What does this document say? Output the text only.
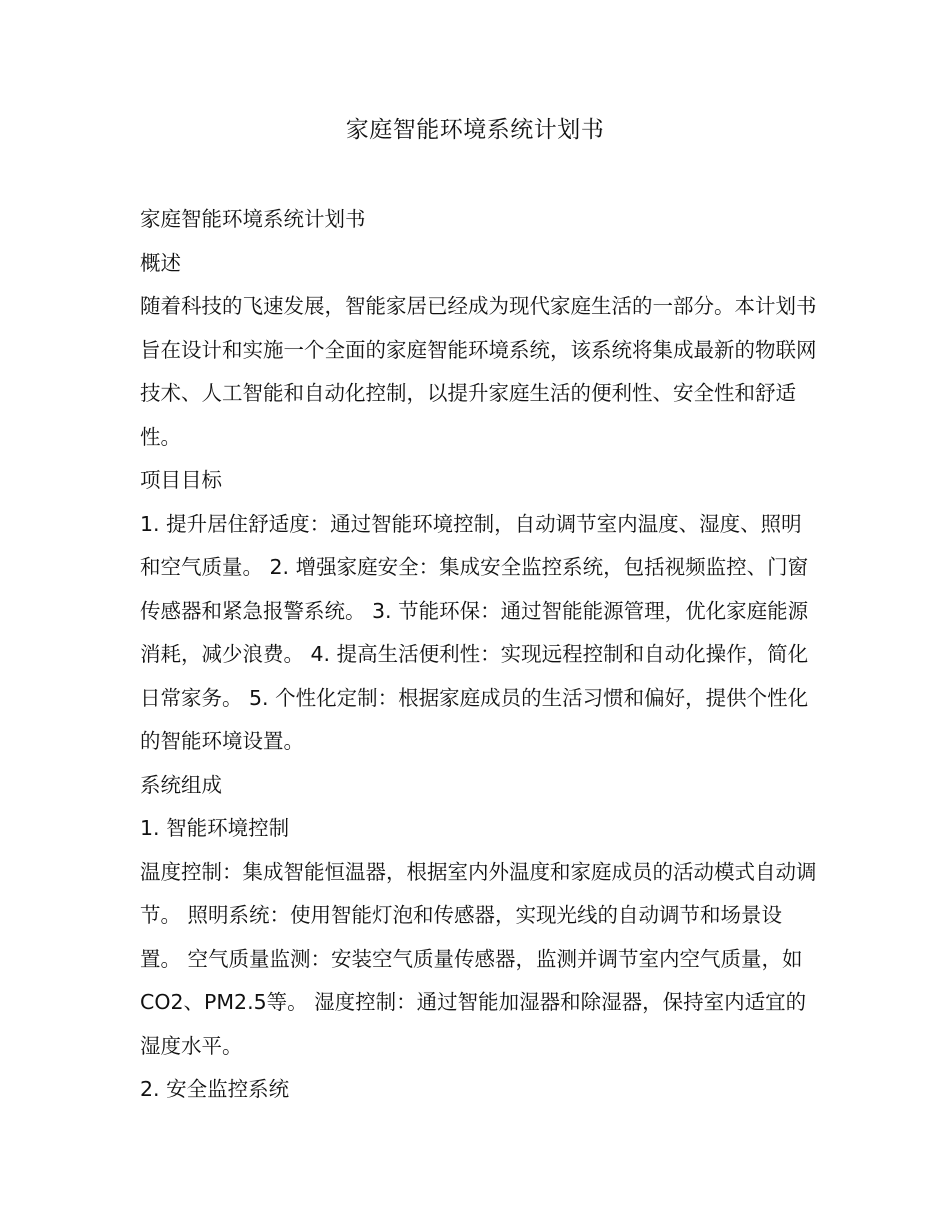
家庭智能环境系统计划书

家庭智能环境系统计划书

概述

随着科技的飞速发展，智能家居已经成为现代家庭生活的一部分。本计划书旨在设计和实施一个全面的家庭智能环境系统，该系统将集成最新的物联网技术、人工智能和自动化控制，以提升家庭生活的便利性、安全性和舒适性。

项目目标

1. 提升居住舒适度：通过智能环境控制，自动调节室内温度、湿度、照明和空气质量。 2. 增强家庭安全：集成安全监控系统，包括视频监控、门窗传感器和紧急报警系统。 3. 节能环保：通过智能能源管理，优化家庭能源消耗，减少浪费。 4. 提高生活便利性：实现远程控制和自动化操作，简化日常家务。 5. 个性化定制：根据家庭成员的生活习惯和偏好，提供个性化的智能环境设置。

系统组成

1. 智能环境控制

温度控制：集成智能恒温器，根据室内外温度和家庭成员的活动模式自动调节。 照明系统：使用智能灯泡和传感器，实现光线的自动调节和场景设置。 空气质量监测：安装空气质量传感器，监测并调节室内空气质量，如CO2、PM2.5等。 湿度控制：通过智能加湿器和除湿器，保持室内适宜的湿度水平。

2. 安全监控系统
